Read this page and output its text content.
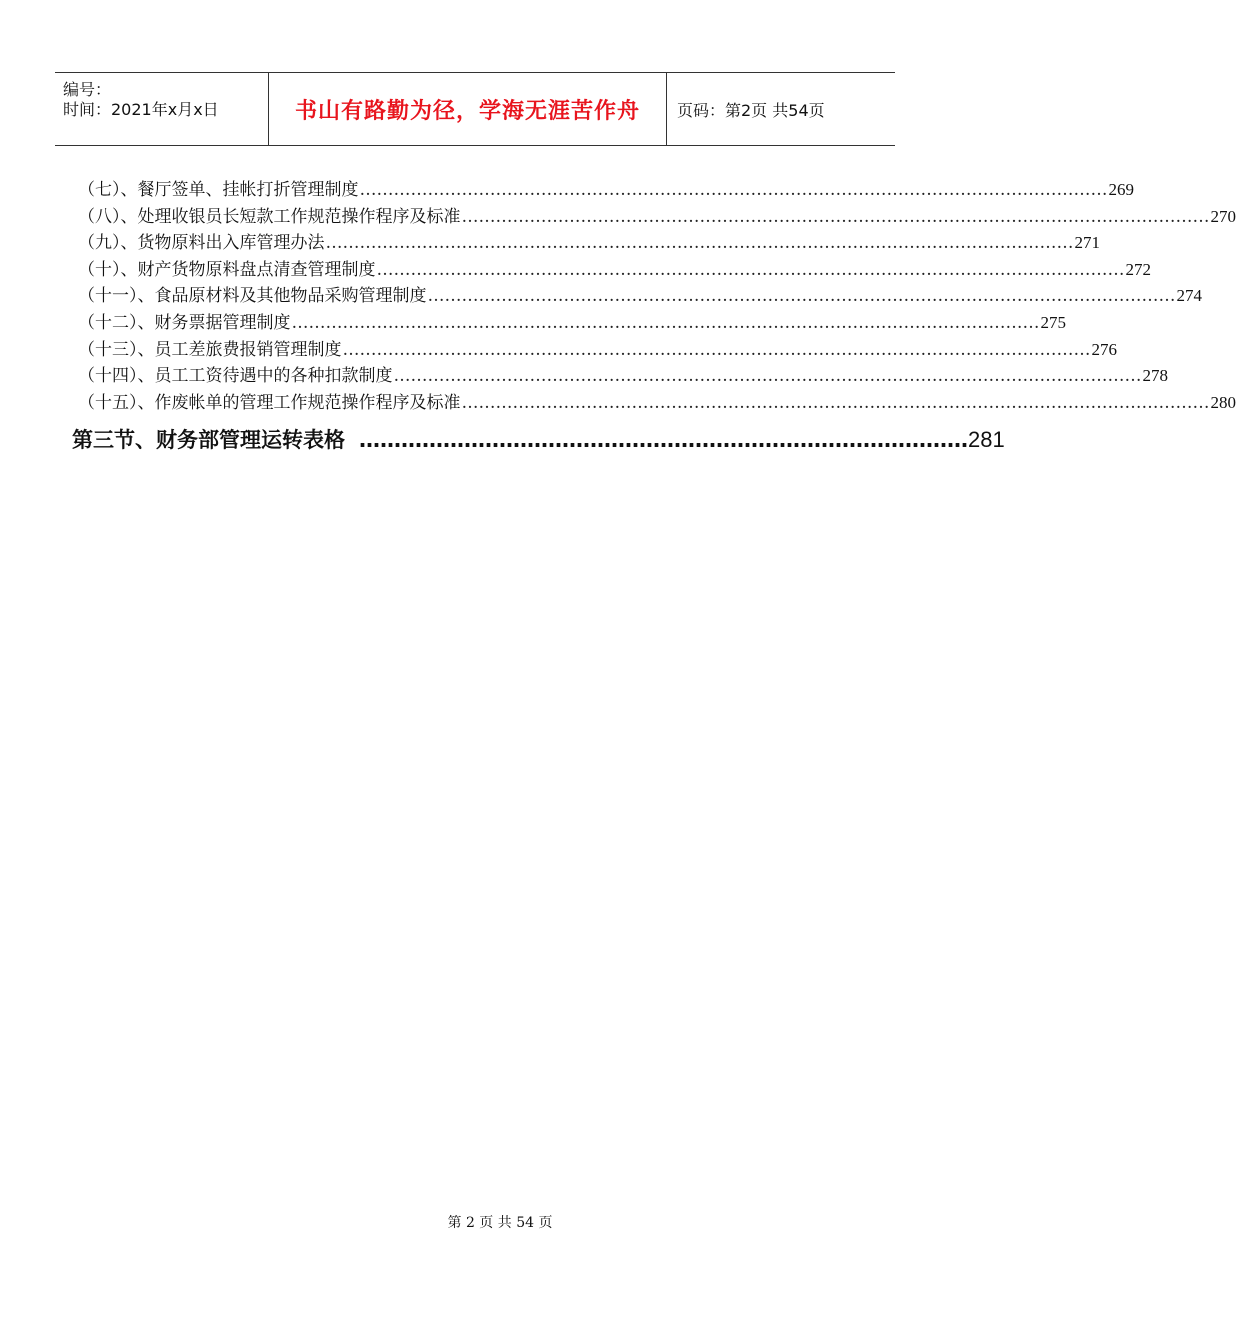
编号：
时间：2021年x月x日	书山有路勤为径，学海无涯苦作舟 页码：第2页 共54页
（七）、餐厅签单、挂帐打折管理制度 …………………………………………………………………………………………………………………… 269
（八）、处理收银员长短款工作规范操作程序及标准 …………………………………………………………………………………………………………………… 270
（九）、货物原料出入库管理办法 …………………………………………………………………………………………………………………… 271
（十）、财产货物原料盘点清查管理制度 …………………………………………………………………………………………………………………… 272
（十一）、食品原材料及其他物品采购管理制度 …………………………………………………………………………………………………………………… 274
（十二）、财务票据管理制度 …………………………………………………………………………………………………………………… 275
（十三）、员工差旅费报销管理制度 …………………………………………………………………………………………………………………… 276
（十四）、员工工资待遇中的各种扣款制度 …………………………………………………………………………………………………………………… 278
（十五）、作废帐单的管理工作规范操作程序及标准 …………………………………………………………………………………………………………………… 280
第三节、财务部管理运转表格 …………………………………………………………………………… 281
第 2 页 共 54 页
